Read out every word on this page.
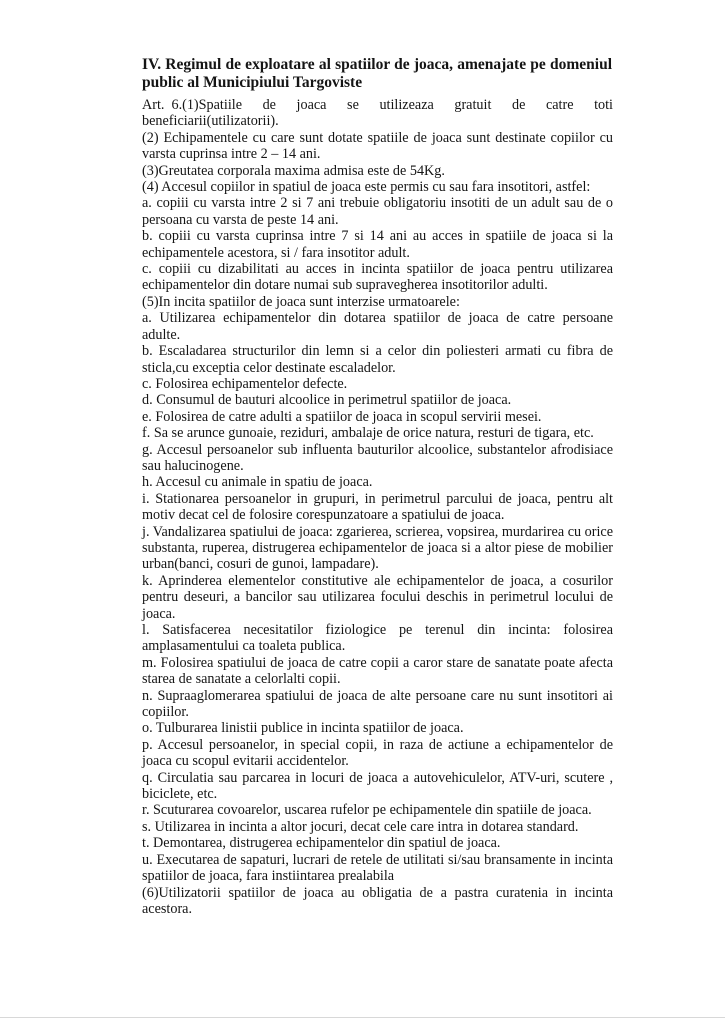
IV. Regimul de exploatare al spatiilor de joaca, amenajate pe domeniul public al Municipiului Targoviste

Art. 6.(1)Spatiile de joaca se utilizeaza gratuit de catre toti beneficiarii(utilizatorii).

(2) Echipamentele cu care sunt dotate spatiile de joaca sunt destinate copiilor cu varsta cuprinsa intre 2 – 14 ani.

(3)Greutatea corporala maxima admisa este de 54Kg.

(4) Accesul copiilor in spatiul de joaca este permis cu sau fara insotitori, astfel:

a. copiii cu varsta intre 2 si 7 ani trebuie obligatoriu insotiti de un adult sau de o persoana cu varsta de peste 14 ani.

b. copiii cu varsta cuprinsa intre 7 si 14 ani au acces in spatiile de joaca si la echipamentele acestora, si / fara insotitor adult.

c. copiii cu dizabilitati au acces in incinta spatiilor de joaca pentru utilizarea echipamentelor din dotare numai sub supravegherea insotitorilor adulti.

(5)In incita spatiilor de joaca sunt interzise urmatoarele:

a. Utilizarea echipamentelor din dotarea spatiilor de joaca de catre persoane adulte.

b. Escaladarea structurilor din lemn si a celor din poliesteri armati cu fibra de sticla,cu exceptia celor destinate escaladelor.

c. Folosirea echipamentelor defecte.

d. Consumul de bauturi alcoolice in perimetrul spatiilor de joaca.

e. Folosirea de catre adulti a spatiilor de joaca in scopul servirii mesei.

f. Sa se arunce gunoaie, reziduri, ambalaje de orice natura, resturi de tigara, etc.

g. Accesul persoanelor sub influenta bauturilor alcoolice, substantelor afrodisiace sau halucinogene.

h. Accesul cu animale in spatiu de joaca.

i. Stationarea persoanelor in grupuri, in perimetrul parcului de joaca, pentru alt motiv decat cel de folosire corespunzatoare a spatiului de joaca.

j. Vandalizarea spatiului de joaca: zgarierea, scrierea, vopsirea, murdarirea cu orice substanta, ruperea, distrugerea echipamentelor de joaca si a altor piese de mobilier urban(banci, cosuri de gunoi, lampadare).

k. Aprinderea elementelor constitutive ale echipamentelor de joaca, a cosurilor pentru deseuri, a bancilor sau utilizarea focului deschis in perimetrul locului de joaca.

l. Satisfacerea necesitatilor fiziologice pe terenul din incinta: folosirea amplasamentului ca toaleta publica.

m. Folosirea spatiului de joaca de catre copii a caror stare de sanatate poate afecta starea de sanatate a celorlalti copii.

n. Supraaglomerarea spatiului de joaca de alte persoane care nu sunt insotitori ai copiilor.

o. Tulburarea linistii publice in incinta spatiilor de joaca.

p. Accesul persoanelor, in special copii, in raza de actiune a echipamentelor de joaca cu scopul evitarii accidentelor.

q. Circulatia sau parcarea in locuri de joaca a autovehiculelor, ATV-uri, scutere , biciclete, etc.

r. Scuturarea covoarelor, uscarea rufelor pe echipamentele din spatiile de joaca.

s. Utilizarea in incinta a altor jocuri, decat cele care intra in dotarea standard.

t. Demontarea, distrugerea echipamentelor din spatiul de joaca.

u. Executarea de sapaturi, lucrari de retele de utilitati si/sau bransamente in incinta spatiilor de joaca, fara instiintarea prealabila

(6)Utilizatorii spatiilor de joaca au obligatia de a pastra curatenia in incinta acestora.
